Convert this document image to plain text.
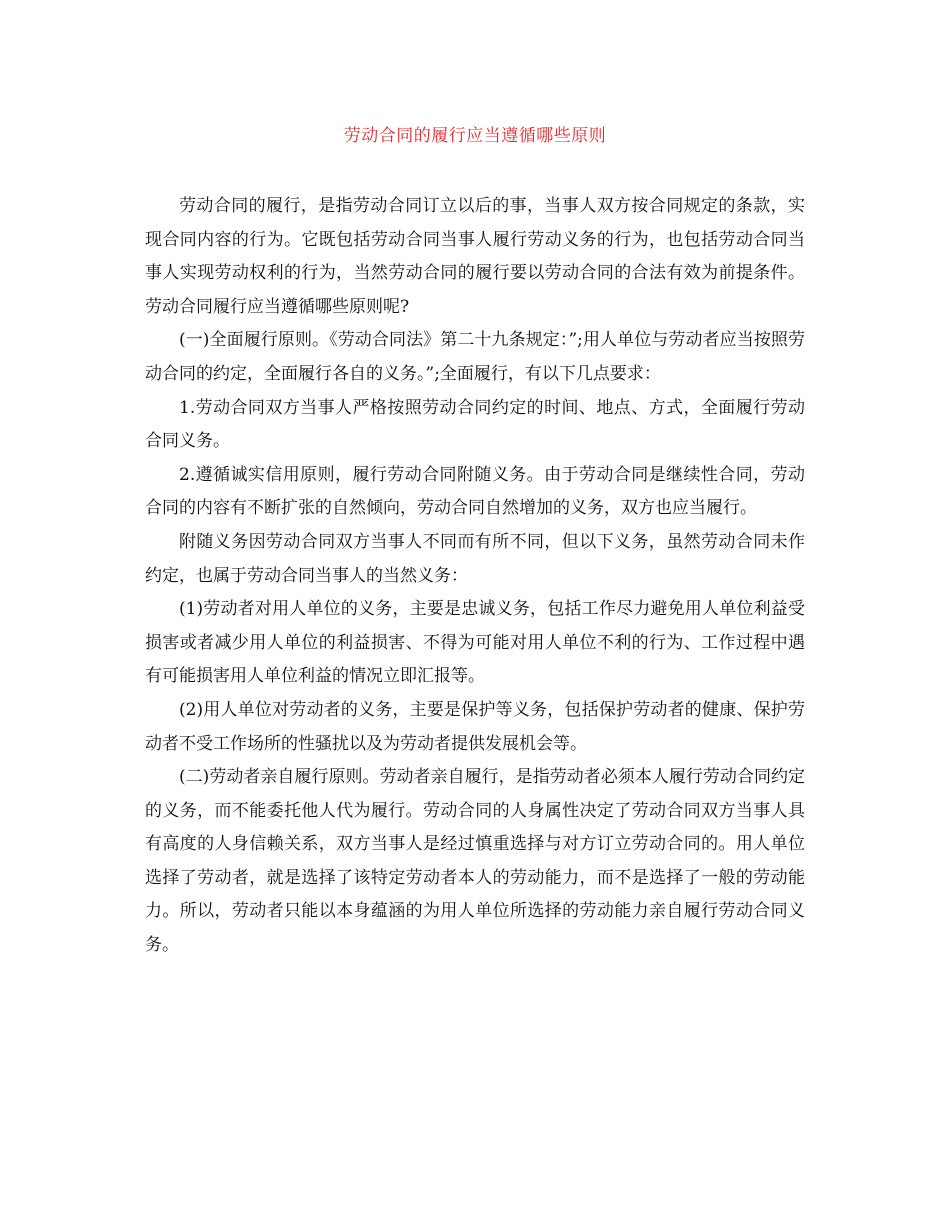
劳动合同的履行应当遵循哪些原则

劳动合同的履行，是指劳动合同订立以后的事，当事人双方按合同规定的条款，实现合同内容的行为。它既包括劳动合同当事人履行劳动义务的行为，也包括劳动合同当事人实现劳动权利的行为，当然劳动合同的履行要以劳动合同的合法有效为前提条件。劳动合同履行应当遵循哪些原则呢?

(一)全面履行原则。《劳动合同法》第二十九条规定：”;用人单位与劳动者应当按照劳动合同的约定，全面履行各自的义务。”;全面履行，有以下几点要求：

1.劳动合同双方当事人严格按照劳动合同约定的时间、地点、方式，全面履行劳动合同义务。

2.遵循诚实信用原则，履行劳动合同附随义务。由于劳动合同是继续性合同，劳动合同的内容有不断扩张的自然倾向，劳动合同自然增加的义务，双方也应当履行。

附随义务因劳动合同双方当事人不同而有所不同，但以下义务，虽然劳动合同未作约定，也属于劳动合同当事人的当然义务：

(1)劳动者对用人单位的义务，主要是忠诚义务，包括工作尽力避免用人单位利益受损害或者减少用人单位的利益损害、不得为可能对用人单位不利的行为、工作过程中遇有可能损害用人单位利益的情况立即汇报等。

(2)用人单位对劳动者的义务，主要是保护等义务，包括保护劳动者的健康、保护劳动者不受工作场所的性骚扰以及为劳动者提供发展机会等。

(二)劳动者亲自履行原则。劳动者亲自履行，是指劳动者必须本人履行劳动合同约定的义务，而不能委托他人代为履行。劳动合同的人身属性决定了劳动合同双方当事人具有高度的人身信赖关系，双方当事人是经过慎重选择与对方订立劳动合同的。用人单位选择了劳动者，就是选择了该特定劳动者本人的劳动能力，而不是选择了一般的劳动能力。所以，劳动者只能以本身蕴涵的为用人单位所选择的劳动能力亲自履行劳动合同义务。
